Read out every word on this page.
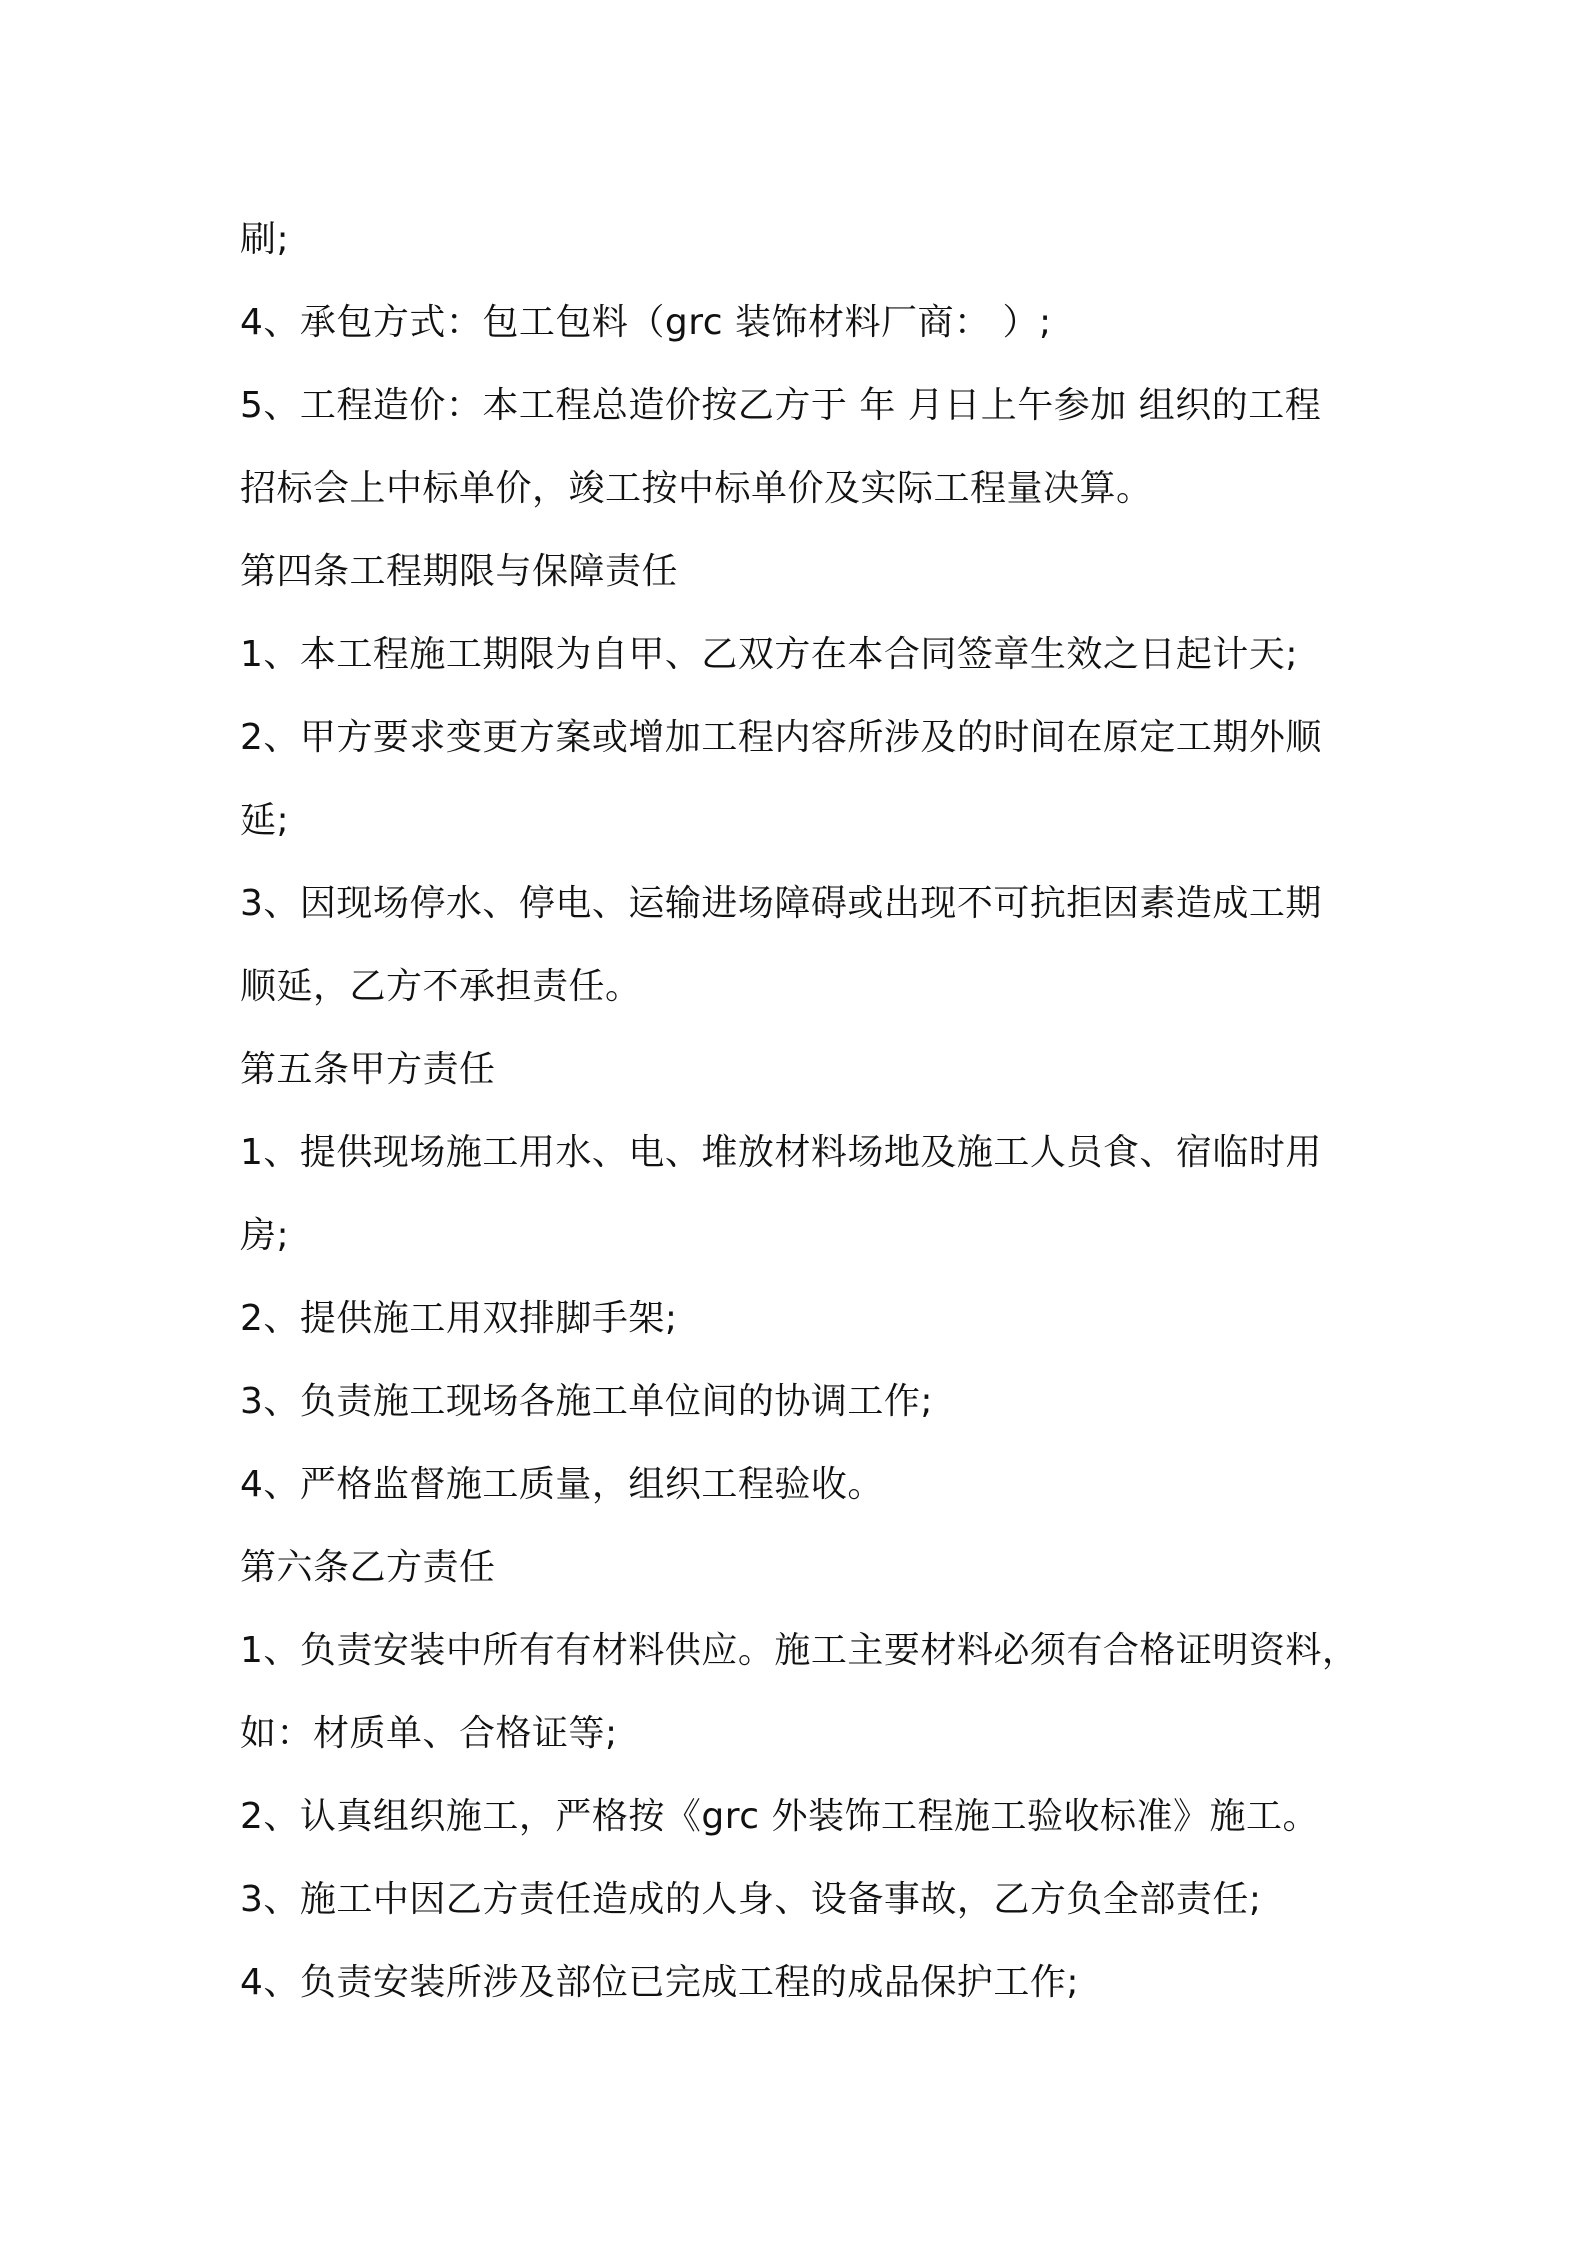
刷;

4、承包方式：包工包料（grc 装饰材料厂商： ）;

5、工程造价：本工程总造价按乙方于 年 月日上午参加 组织的工程

招标会上中标单价，竣工按中标单价及实际工程量决算。

第四条工程期限与保障责任

1、本工程施工期限为自甲、乙双方在本合同签章生效之日起计天;

2、甲方要求变更方案或增加工程内容所涉及的时间在原定工期外顺

延;

3、因现场停水、停电、运输进场障碍或出现不可抗拒因素造成工期

顺延，乙方不承担责任。

第五条甲方责任

1、提供现场施工用水、电、堆放材料场地及施工人员食、宿临时用

房;

2、提供施工用双排脚手架;

3、负责施工现场各施工单位间的协调工作;

4、严格监督施工质量，组织工程验收。

第六条乙方责任

1、负责安装中所有有材料供应。施工主要材料必须有合格证明资料，

如：材质单、合格证等;

2、认真组织施工，严格按《grc 外装饰工程施工验收标准》施工。

3、施工中因乙方责任造成的人身、设备事故，乙方负全部责任;

4、负责安装所涉及部位已完成工程的成品保护工作;
